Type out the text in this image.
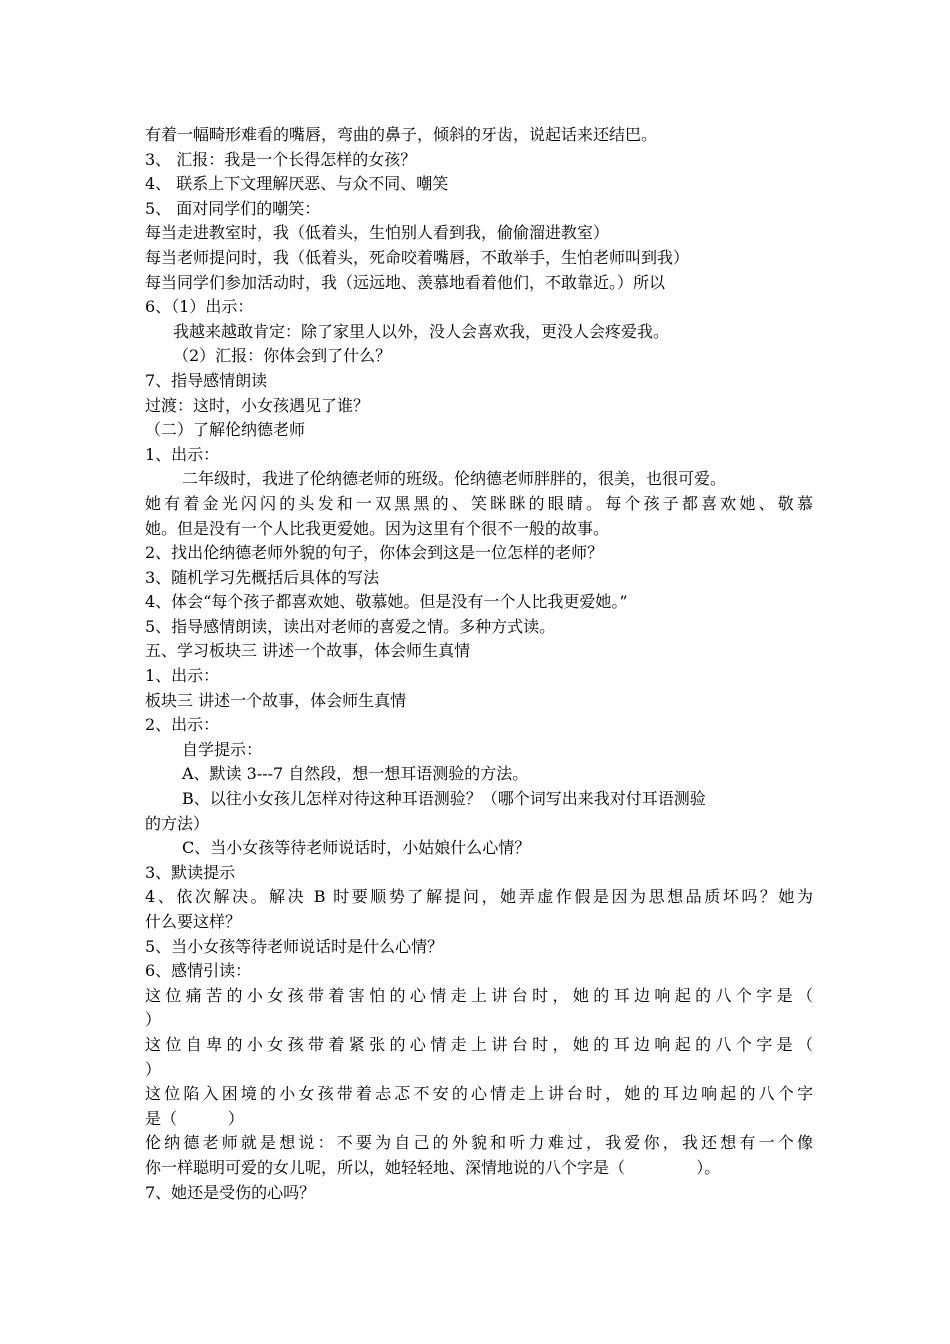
有着一幅畸形难看的嘴唇，弯曲的鼻子，倾斜的牙齿，说起话来还结巴。
3、 汇报：我是一个长得怎样的女孩？
4、 联系上下文理解厌恶、与众不同、嘲笑
5、 面对同学们的嘲笑：
每当走进教室时，我（低着头，生怕别人看到我，偷偷溜进教室）
每当老师提问时，我（低着头，死命咬着嘴唇，不敢举手，生怕老师叫到我）
每当同学们参加活动时，我（远远地、羡慕地看着他们，不敢靠近。）所以
6、（1）出示：
我越来越敢肯定：除了家里人以外，没人会喜欢我，更没人会疼爱我。
（2）汇报：你体会到了什么？
7、指导感情朗读
过渡：这时，小女孩遇见了谁？
（二）了解伦纳德老师
1、出示：
二年级时，我进了伦纳德老师的班级。伦纳德老师胖胖的，很美，也很可爱。
她有着金光闪闪的头发和一双黑黑的、笑眯眯的眼睛。每个孩子都喜欢她、敬慕
她。但是没有一个人比我更爱她。因为这里有个很不一般的故事。
2、找出伦纳德老师外貌的句子，你体会到这是一位怎样的老师？
3、随机学习先概括后具体的写法
4、体会“每个孩子都喜欢她、敬慕她。但是没有一个人比我更爱她。”
5、指导感情朗读，读出对老师的喜爱之情。多种方式读。
五、学习板块三 讲述一个故事，体会师生真情
1、出示：
板块三 讲述一个故事，体会师生真情
2、出示：
自学提示：
A、默读 3---7 自然段，想一想耳语测验的方法。
B、以往小女孩儿怎样对待这种耳语测验？（哪个词写出来我对付耳语测验
的方法）
C、当小女孩等待老师说话时，小姑娘什么心情？
3、默读提示
4、依次解决。解决 B 时要顺势了解提问，她弄虚作假是因为思想品质坏吗？她为
什么要这样？
5、当小女孩等待老师说话时是什么心情？
6、感情引读：
这位痛苦的小女孩带着害怕的心情走上讲台时，她的耳边响起的八个字是（
）
这位自卑的小女孩带着紧张的心情走上讲台时，她的耳边响起的八个字是（
）
这位陷入困境的小女孩带着忐忑不安的心情走上讲台时，她的耳边响起的八个字
是（          ）
伦纳德老师就是想说：不要为自己的外貌和听力难过，我爱你，我还想有一个像
你一样聪明可爱的女儿呢，所以，她轻轻地、深情地说的八个字是（              ）。
7、她还是受伤的心吗？
